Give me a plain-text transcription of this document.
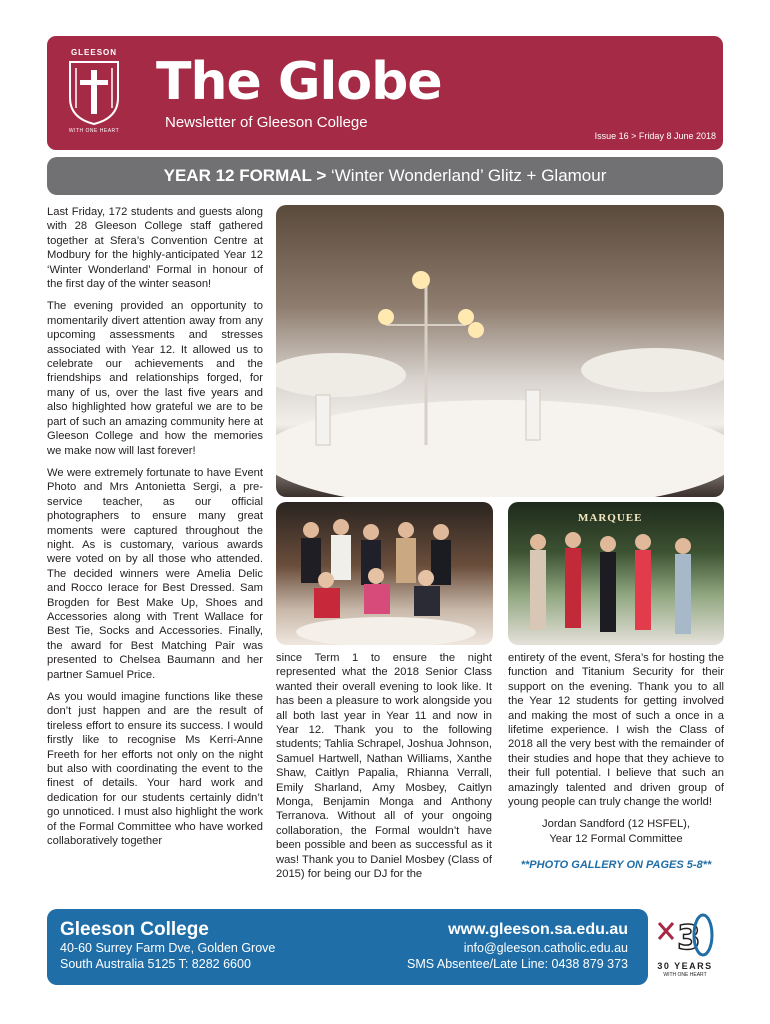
GLEESON
WITH ONE HEART
The Globe
Newsletter of Gleeson College
Issue 16 > Friday 8 June 2018
YEAR 12 FORMAL > ‘Winter Wonderland’ Glitz + Glamour

Last Friday, 172 students and guests along with 28 Gleeson College staff gathered together at Sfera’s Convention Centre at Modbury for the highly-anticipated Year 12 ‘Winter Wonderland’ Formal in honour of the first day of the winter season!

The evening provided an opportunity to momentarily divert attention away from any upcoming assessments and stresses associated with Year 12. It allowed us to celebrate our achievements and the friendships and relationships forged, for many of us, over the last five years and also highlighted how grateful we are to be part of such an amazing community here at Gleeson College and how the memories we make now will last forever!

We were extremely fortunate to have Event Photo and Mrs Antonietta Sergi, a pre-service teacher, as our official photographers to ensure many great moments were captured throughout the night. As is customary, various awards were voted on by all those who attended. The decided winners were Amelia Delic and Rocco Ierace for Best Dressed. Sam Brogden for Best Make Up, Shoes and Accessories along with Trent Wallace for Best Tie, Socks and Accessories. Finally, the award for Best Matching Pair was presented to Chelsea Baumann and her partner Samuel Price.

As you would imagine functions like these don’t just happen and are the result of tireless effort to ensure its success. I would firstly like to recognise Ms Kerri-Anne Freeth for her efforts not only on the night but also with coordinating the event to the finest of details. Your hard work and dedication for our students certainly didn’t go unnoticed. I must also highlight the work of the Formal Committee who have worked collaboratively together

MARQUEE

since Term 1 to ensure the night represented what the 2018 Senior Class wanted their overall evening to look like. It has been a pleasure to work alongside you all both last year in Year 11 and now in Year 12. Thank you to the following students; Tahlia Schrapel, Joshua Johnson, Samuel Hartwell, Nathan Williams, Xanthe Shaw, Caitlyn Papalia, Rhianna Verrall, Emily Sharland, Amy Mosbey, Caitlyn Monga, Benjamin Monga and Anthony Terranova. Without all of your ongoing collaboration, the Formal wouldn’t have been possible and been as successful as it was! Thank you to Daniel Mosbey (Class of 2015) for being our DJ for the

entirety of the event, Sfera’s for hosting the function and Titanium Security for their support on the evening. Thank you to all the Year 12 students for getting involved and making the most of such a once in a lifetime experience. I wish the Class of 2018 all the very best with the remainder of their studies and hope that they achieve to their full potential. I believe that such an amazingly talented and driven group of young people can truly change the world!

Jordan Sandford (12 HSFEL),
Year 12 Formal Committee
**PHOTO GALLERY ON PAGES 5-8**
Gleeson College
40-60 Surrey Farm Dve, Golden Grove
South Australia 5125 T: 8282 6600
www.gleeson.sa.edu.au
info@gleeson.catholic.edu.au
SMS Absentee/Late Line: 0438 879 373
3
30 YEARS
WITH ONE HEART
